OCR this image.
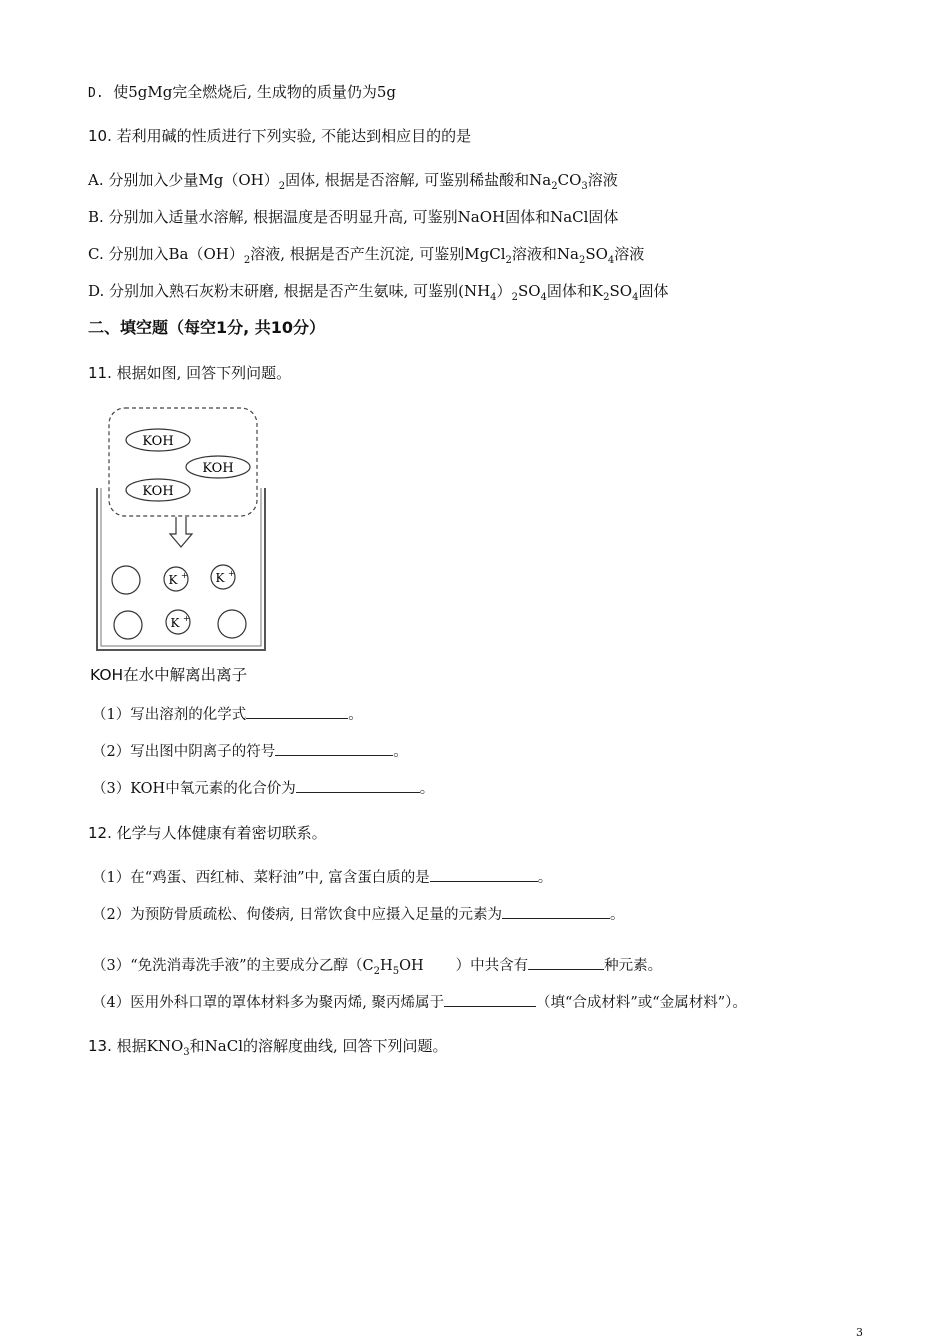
D. 使5gMg完全燃烧后, 生成物的质量仍为5g
10. 若利用碱的性质进行下列实验, 不能达到相应目的的是
A. 分别加入少量$Mg(OH)_2$固体, 根据是否溶解, 可鉴别稀盐酸和$Na_2CO_3$溶液
B. 分别加入适量水溶解, 根据温度是否明显升高, 可鉴别NaOH固体和NaCl固体
C. 分别加入$Ba(OH)_2$溶液, 根据是否产生沉淀, 可鉴别MgCl$_2$溶液和$Na_2SO_4$溶液
D. 分别加入熟石灰粉末研磨, 根据是否产生氨味, 可鉴别$(NH_4)_2SO_4$固体和$K_2SO_4$固体
二、填空题（每空1分, 共10分）
11. 根据如图, 回答下列问题。
KOH
KOH
KOH
K + K +
K +
KOH在水中解离出离子
（1）写出溶剂的化学式	。
（2）写出图中阴离子的符号	。
（3）KOH中氧元素的化合价为	。
12. 化学与人体健康有着密切联系。
（1）在“鸡蛋、西红柿、菜籽油”中, 富含蛋白质的是	。
（2）为预防骨质疏松、佝偻病, 日常饮食中应摄入足量的元素为	。
（3）“免洗消毒洗手液”的主要成分乙醇（$C_2H_5OH$ ）中共含有	种元素。
（4）医用外科口罩的罩体材料多为聚丙烯, 聚丙烯属于	（填“合成材料”或“金属材料”）。
13. 根据$KNO_3$和NaCl的溶解度曲线, 回答下列问题。
3
